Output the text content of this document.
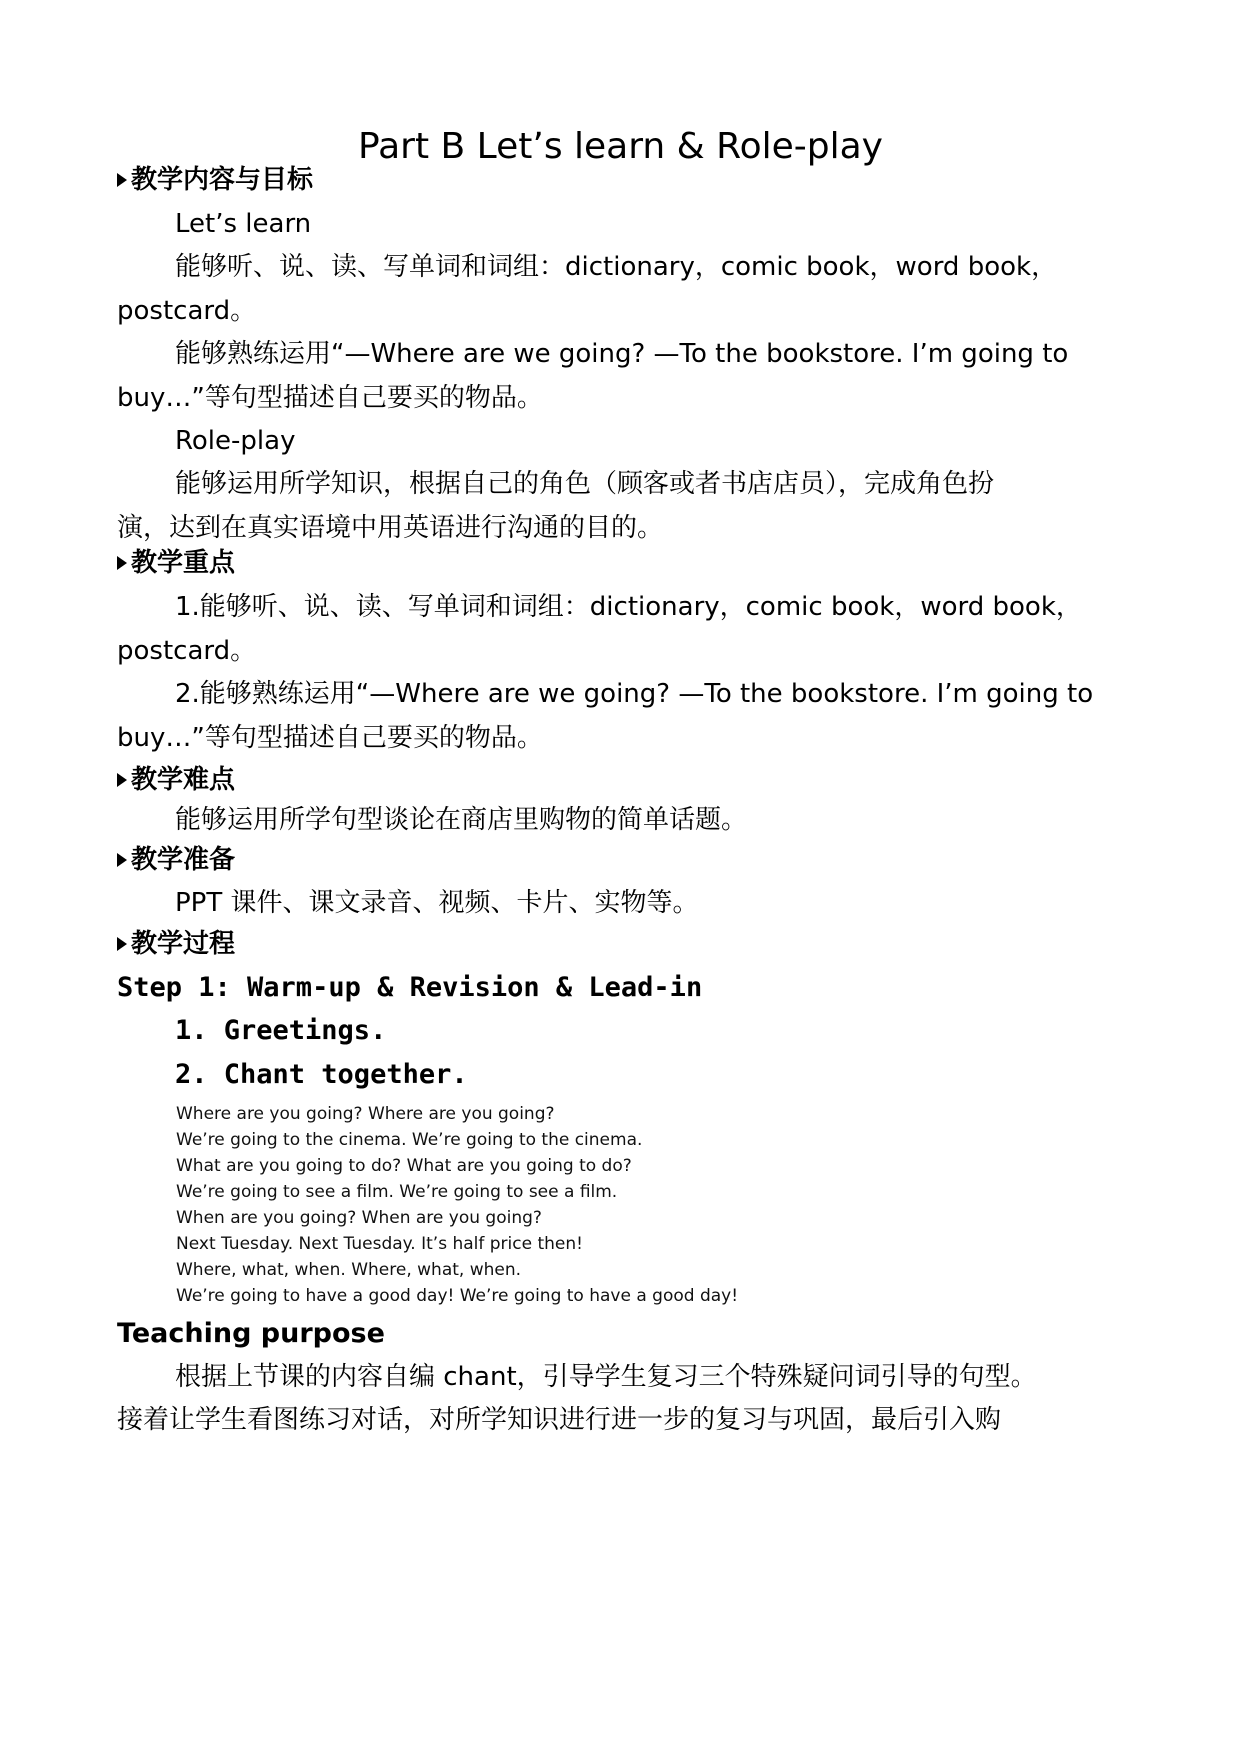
Part B Let’s learn & Role-play
教学内容与目标
Let’s learn
能够听、说、读、写单词和词组：dictionary，comic book，word book，
postcard。
能够熟练运用“—Where are we going? —To the bookstore. I’m going to
buy…”等句型描述自己要买的物品。
Role-play
能够运用所学知识，根据自己的角色（顾客或者书店店员），完成角色扮
演，达到在真实语境中用英语进行沟通的目的。
教学重点
1.能够听、说、读、写单词和词组：dictionary，comic book，word book，
postcard。
2.能够熟练运用“—Where are we going? —To the bookstore. I’m going to
buy…”等句型描述自己要买的物品。
教学难点
能够运用所学句型谈论在商店里购物的简单话题。
教学准备
PPT 课件、课文录音、视频、卡片、实物等。
教学过程
Step 1: Warm-up & Revision & Lead-in
1. Greetings.
2. Chant together.
Where are you going? Where are you going?
We’re going to the cinema. We’re going to the cinema.
What are you going to do? What are you going to do?
We’re going to see a film. We’re going to see a film.
When are you going? When are you going?
Next Tuesday. Next Tuesday. It’s half price then!
Where, what, when. Where, what, when.
We’re going to have a good day! We’re going to have a good day!
Teaching purpose
根据上节课的内容自编 chant，引导学生复习三个特殊疑问词引导的句型。
接着让学生看图练习对话，对所学知识进行进一步的复习与巩固，最后引入购
